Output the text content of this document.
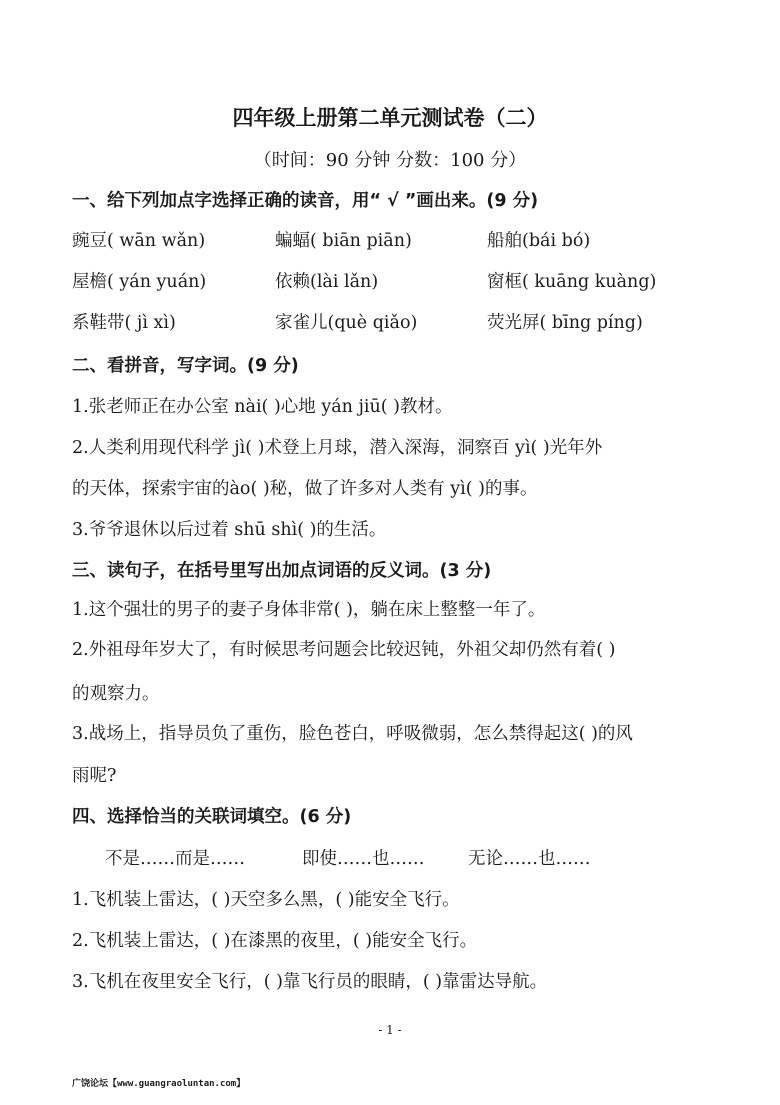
四年级上册第二单元测试卷（二）
（时间：90 分钟 分数：100 分）
一、给下列加点字选择正确的读音，用“ √ ”画出来。(9 分)
豌豆( wān wǎn)	蝙蝠( biān piān)	船舶(bái bó)
屋檐( yán yuán)	依赖(lài lǎn)	窗框( kuāng kuàng)
系鞋带( jì xì)	家雀儿(què qiǎo)	荧光屏( bīng píng)
二、看拼音，写字词。(9 分)
1.张老师正在办公室 nài( )心地 yán jiū( )教材。
2.人类利用现代科学 jì( )术登上月球，潜入深海，洞察百 yì( )光年外
的天体，探索宇宙的ào( )秘，做了许多对人类有 yì( )的事。
3.爷爷退休以后过着 shū shì( )的生活。
三、读句子，在括号里写出加点词语的反义词。(3 分)
1.这个强壮的男子的妻子身体非常( )，躺在床上整整一年了。
2.外祖母年岁大了，有时候思考问题会比较迟钝，外祖父却仍然有着( )
的观察力。
3.战场上，指导员负了重伤，脸色苍白，呼吸微弱，怎么禁得起这( )的风
雨呢?
四、选择恰当的关联词填空。(6 分)
不是……而是……	即使……也…… 无论……也……
1.飞机装上雷达，( )天空多么黑，( )能安全飞行。
2.飞机装上雷达，( )在漆黑的夜里，( )能安全飞行。
3.飞机在夜里安全飞行，( )靠飞行员的眼睛，( )靠雷达导航。
- 1 -
广饶论坛【www.guangraoluntan.com】
